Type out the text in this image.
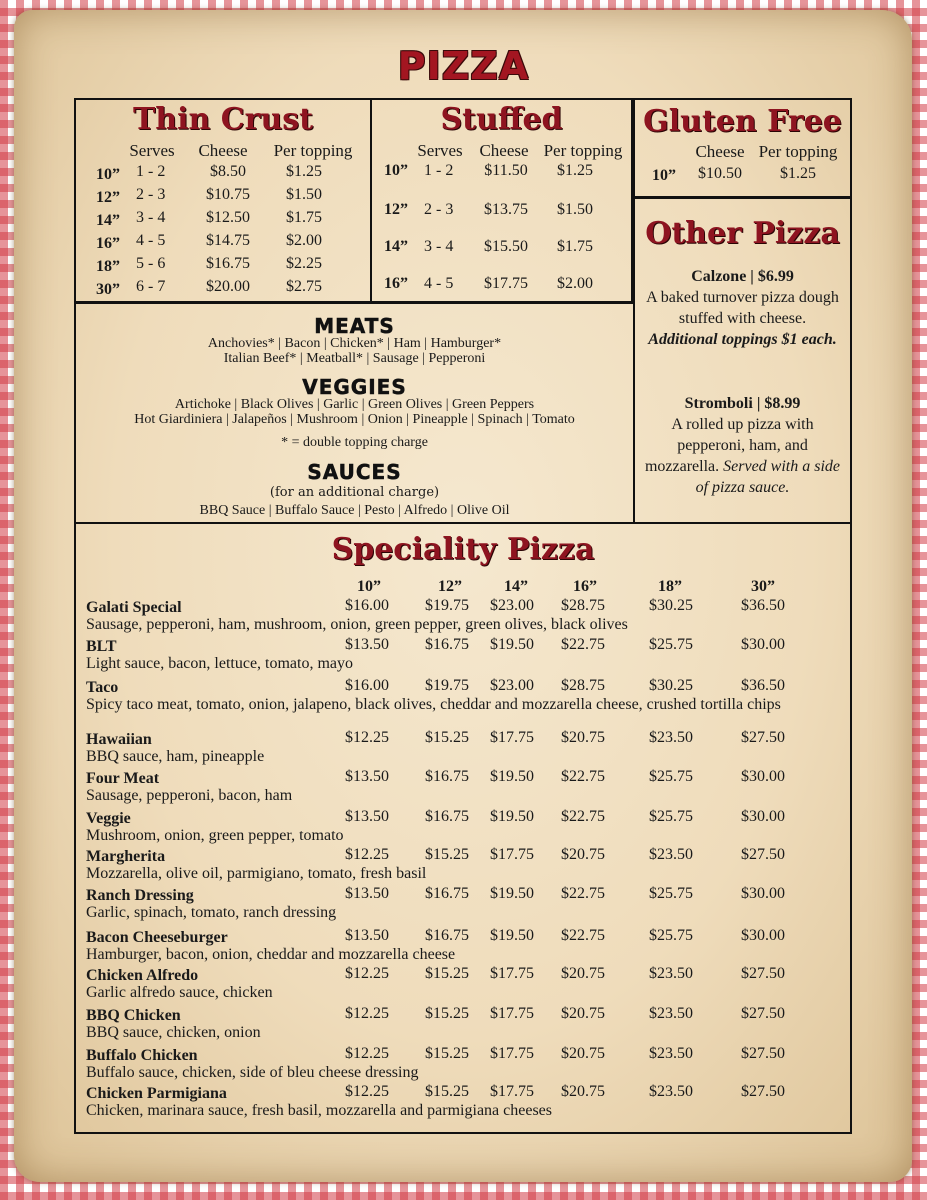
PIZZA
Thin Crust
Serves	Cheese	Per topping
10” 1 - 2	$8.50	$1.25
12” 2 - 3	$10.75	$1.50
14” 3 - 4	$12.50	$1.75
16” 4 - 5	$14.75	$2.00
18” 5 - 6	$16.75	$2.25
30” 6 - 7	$20.00	$2.75
Stuffed
Serves Cheese Per topping
10” 1 - 2	$11.50	$1.25
12” 2 - 3	$13.75	$1.50
14” 3 - 4	$15.50	$1.75
16” 4 - 5	$17.75	$2.00
Gluten Free
Cheese Per topping
10”	$10.50	$1.25
Other Pizza
Calzone | $6.99
A baked turnover pizza dough stuffed with cheese.
Additional toppings $1 each.
Stromboli | $8.99
A rolled up pizza with pepperoni, ham, and mozzarella. Served with a side of pizza sauce.
MEATS
Anchovies* | Bacon | Chicken* | Ham | Hamburger*
Italian Beef* | Meatball* | Sausage | Pepperoni
VEGGIES
Artichoke | Black Olives | Garlic | Green Olives | Green Peppers
Hot Giardiniera | Jalapeños | Mushroom | Onion | Pineapple | Spinach | Tomato
* = double topping charge
SAUCES
(for an additional charge)
BBQ Sauce | Buffalo Sauce | Pesto | Alfredo | Olive Oil
Speciality Pizza
10”	12”	14”	16”	18”	30”
Galati Special
Sausage, pepperoni, ham, mushroom, onion, green pepper, green olives, black olives
$16.00 $19.75 $23.00 $28.75	$30.25	$36.50
BLT
Light sauce, bacon, lettuce, tomato, mayo
$13.50 $16.75 $19.50 $22.75	$25.75	$30.00
Taco
Spicy taco meat, tomato, onion, jalapeno, black olives, cheddar and mozzarella cheese, crushed tortilla chips
$16.00 $19.75 $23.00 $28.75	$30.25	$36.50
Hawaiian
BBQ sauce, ham, pineapple
$12.25 $15.25 $17.75 $20.75	$23.50	$27.50
Four Meat
Sausage, pepperoni, bacon, ham
$13.50 $16.75 $19.50 $22.75	$25.75	$30.00
Veggie
Mushroom, onion, green pepper, tomato
$13.50 $16.75 $19.50 $22.75	$25.75	$30.00
Margherita
Mozzarella, olive oil, parmigiano, tomato, fresh basil
$12.25 $15.25 $17.75 $20.75	$23.50	$27.50
Ranch Dressing
Garlic, spinach, tomato, ranch dressing
$13.50 $16.75 $19.50 $22.75	$25.75	$30.00
Bacon Cheeseburger
Hamburger, bacon, onion, cheddar and mozzarella cheese
$13.50 $16.75 $19.50 $22.75	$25.75	$30.00
Chicken Alfredo
Garlic alfredo sauce, chicken
$12.25 $15.25 $17.75 $20.75	$23.50	$27.50
BBQ Chicken
BBQ sauce, chicken, onion
$12.25 $15.25 $17.75 $20.75	$23.50	$27.50
Buffalo Chicken
Buffalo sauce, chicken, side of bleu cheese dressing
$12.25 $15.25 $17.75 $20.75	$23.50	$27.50
Chicken Parmigiana
Chicken, marinara sauce, fresh basil, mozzarella and parmigiana cheeses
$12.25 $15.25 $17.75 $20.75	$23.50	$27.50
